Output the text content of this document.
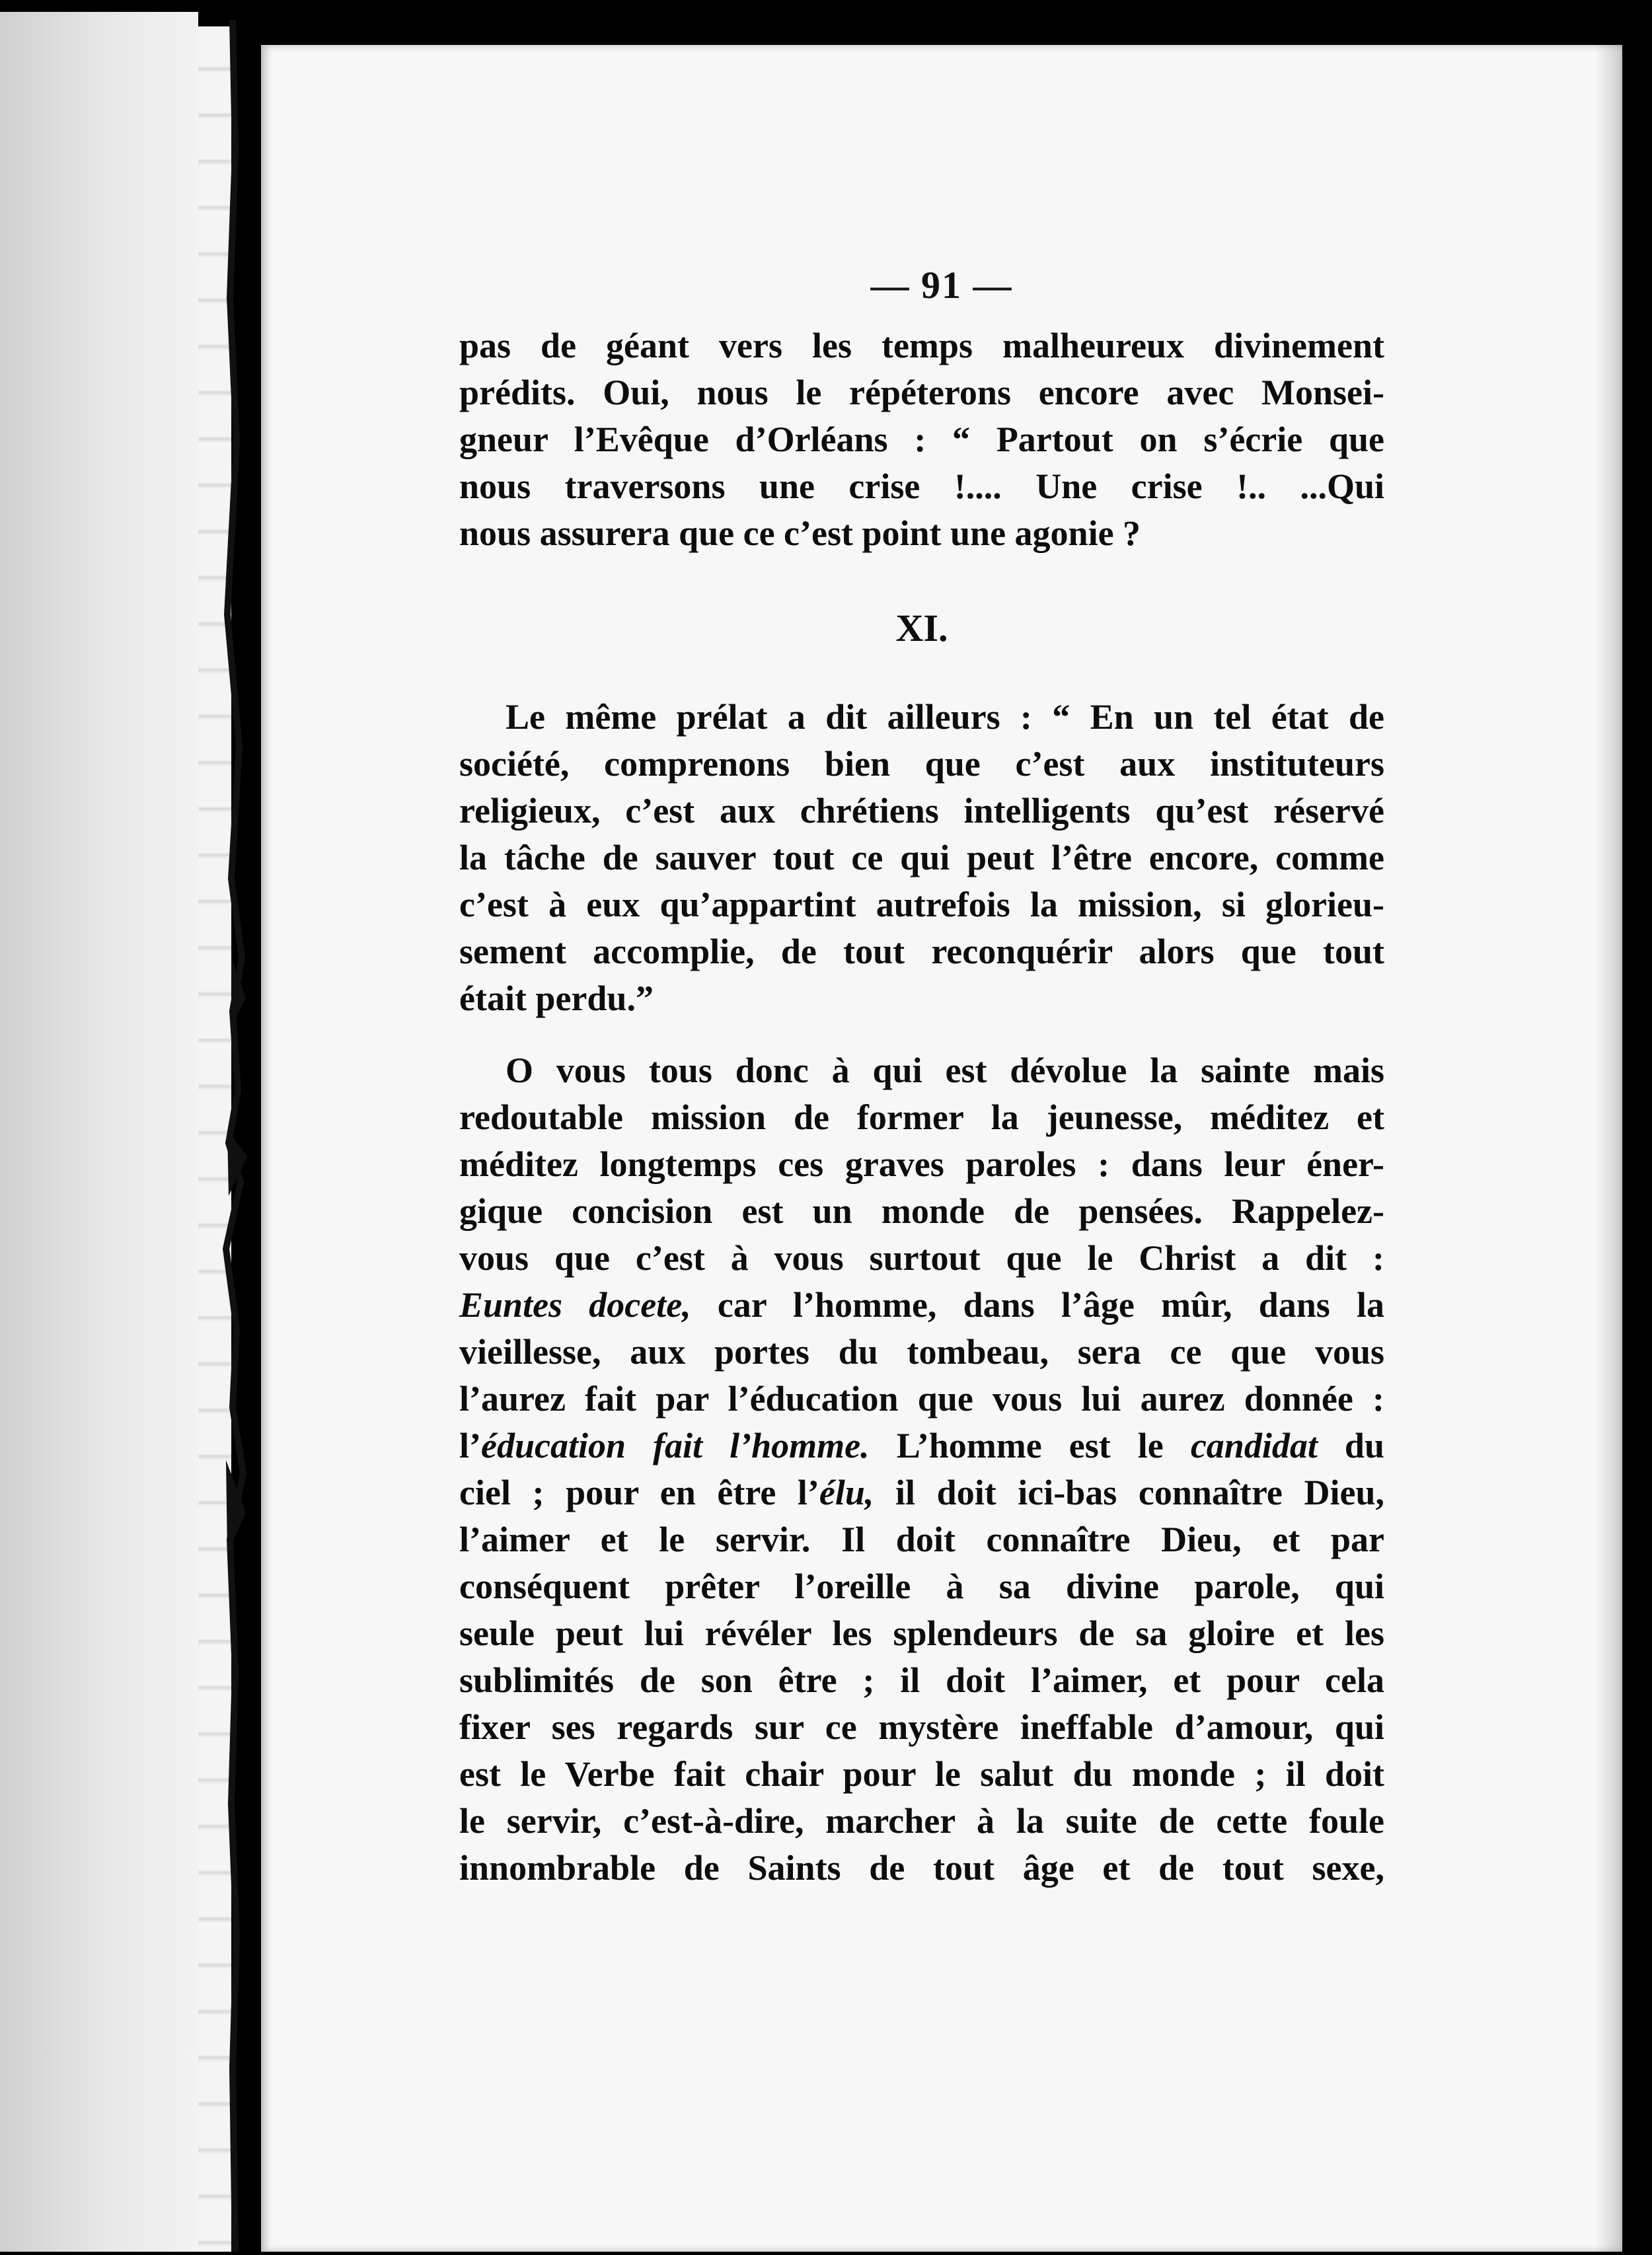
— 91 —

pas de géant vers les temps malheureux divinement
prédits. Oui, nous le répéterons encore avec Monsei-
gneur l’Evêque d’Orléans : “ Partout on s’écrie que
nous traversons une crise !.... Une crise !.. ...Qui
nous assurera que ce c’est point une agonie ?

XI.

Le même prélat a dit ailleurs : “ En un tel état de
société, comprenons bien que c’est aux instituteurs
religieux, c’est aux chrétiens intelligents qu’est réservé
la tâche de sauver tout ce qui peut l’être encore, comme
c’est à eux qu’appartint autrefois la mission, si glorieu-
sement accomplie, de tout reconquérir alors que tout
était perdu.”

O vous tous donc à qui est dévolue la sainte mais
redoutable mission de former la jeunesse, méditez et
méditez longtemps ces graves paroles : dans leur éner-
gique concision est un monde de pensées. Rappelez-
vous que c’est à vous surtout que le Christ a dit :
Euntes docete, car l’homme, dans l’âge mûr, dans la
vieillesse, aux portes du tombeau, sera ce que vous
l’aurez fait par l’éducation que vous lui aurez donnée :
l’éducation fait l’homme. L’homme est le candidat du
ciel ; pour en être l’élu, il doit ici-bas connaître Dieu,
l’aimer et le servir. Il doit connaître Dieu, et par
conséquent prêter l’oreille à sa divine parole, qui
seule peut lui révéler les splendeurs de sa gloire et les
sublimités de son être ; il doit l’aimer, et pour cela
fixer ses regards sur ce mystère ineffable d’amour, qui
est le Verbe fait chair pour le salut du monde ; il doit
le servir, c’est-à-dire, marcher à la suite de cette foule
innombrable de Saints de tout âge et de tout sexe,
